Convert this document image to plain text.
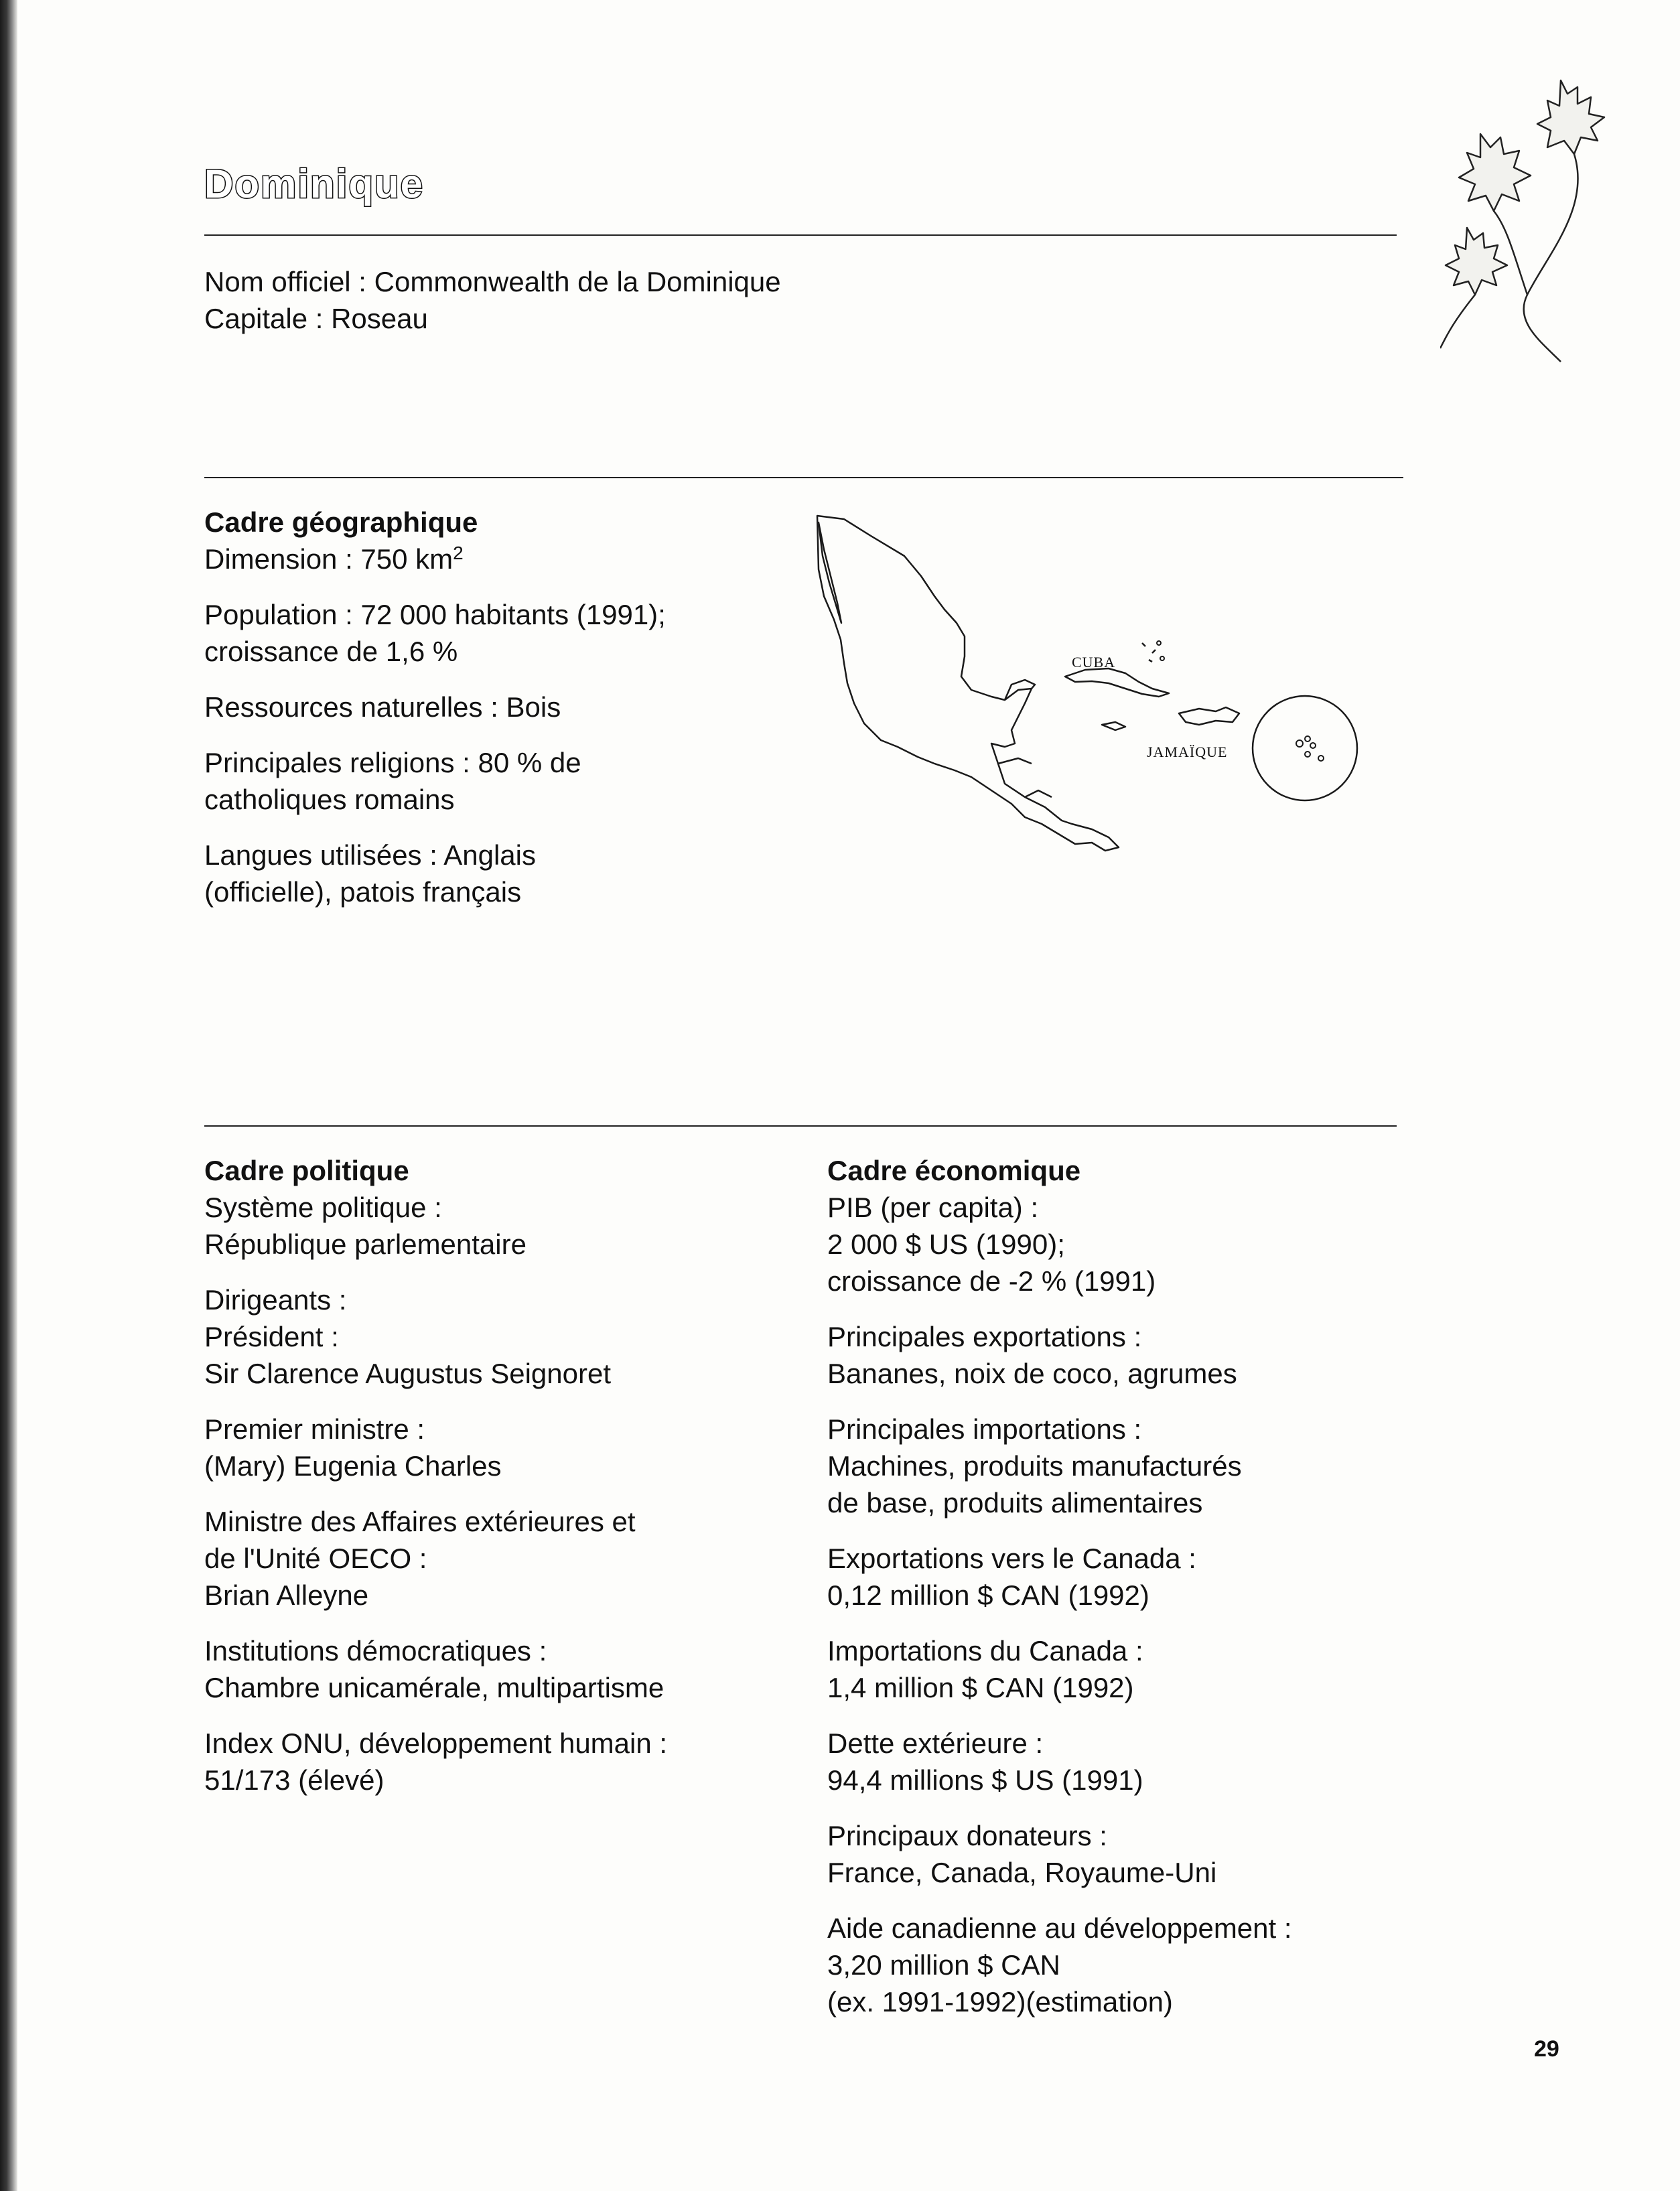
Dominique
Nom officiel : Commonwealth de la Dominique
Capitale : Roseau
Cadre géographique
Dimension : 750 $km^2$
Population : 72 000 habitants (1991);
croissance de 1,6 %
Ressources naturelles : Bois
Principales religions : 80 % de
catholiques romains
Langues utilisées : Anglais
(officielle), patois français
CUBA
JAMAÏQUE
Cadre politique
Système politique :
République parlementaire
Dirigeants :
Président :
Sir Clarence Augustus Seignoret
Premier ministre :
(Mary) Eugenia Charles
Ministre des Affaires extérieures et
de l'Unité OECO :
Brian Alleyne
Institutions démocratiques :
Chambre unicamérale, multipartisme
Index ONU, développement humain :
51/173 (élevé)
Cadre économique
PIB (per capita) :
2 000 $ US (1990);
croissance de -2 % (1991)
Principales exportations :
Bananes, noix de coco, agrumes
Principales importations :
Machines, produits manufacturés
de base, produits alimentaires
Exportations vers le Canada :
0,12 million $ CAN (1992)
Importations du Canada :
1,4 million $ CAN (1992)
Dette extérieure :
94,4 millions $ US (1991)
Principaux donateurs :
France, Canada, Royaume-Uni
Aide canadienne au développement :
3,20 million $ CAN
(ex. 1991-1992)(estimation)
29
